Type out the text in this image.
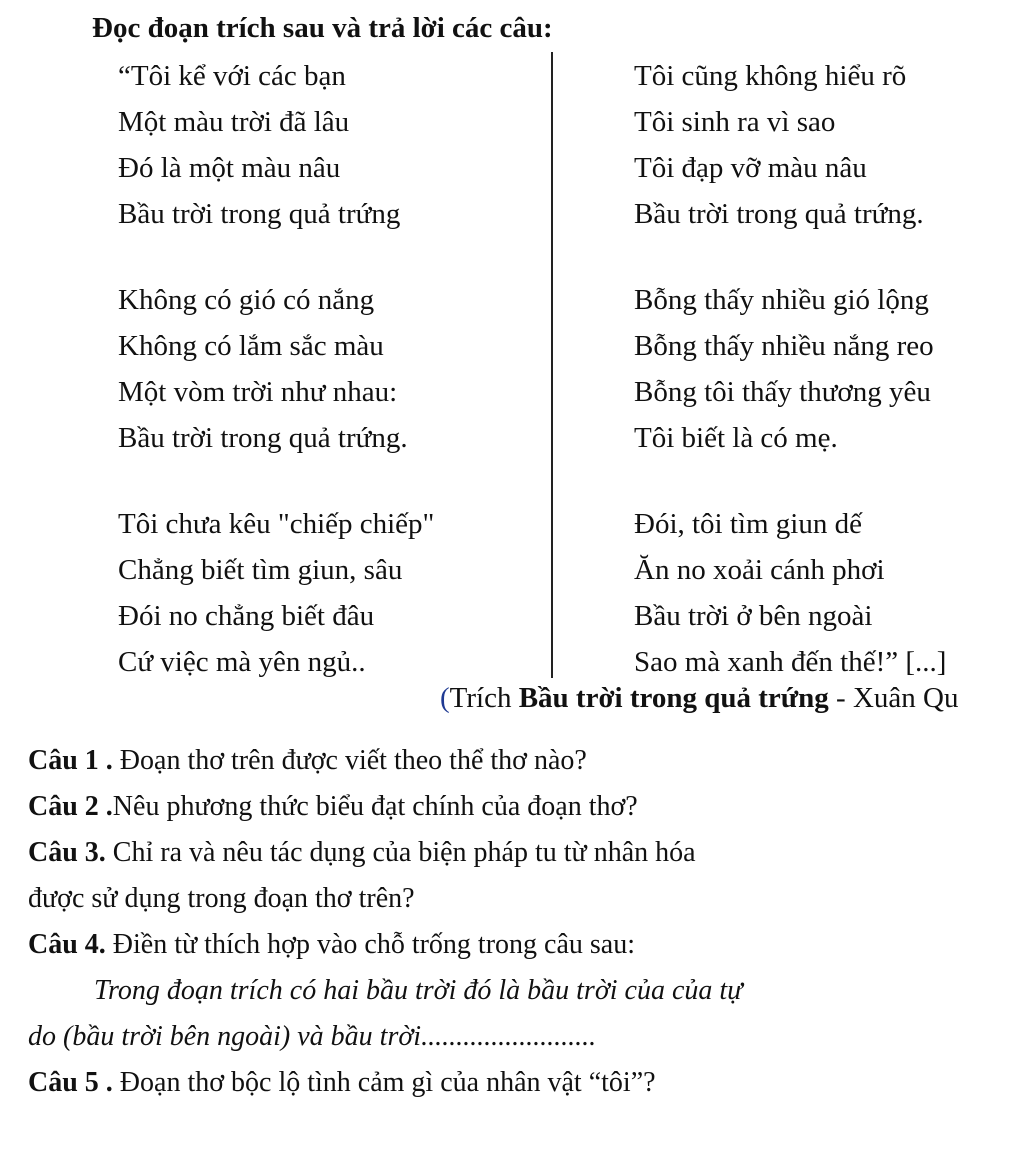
Đọc đoạn trích sau và trả lời các câu:
“Tôi kể với các bạn
Một màu trời đã lâu
Đó là một màu nâu
Bầu trời trong quả trứng
Không có gió có nắng
Không có lắm sắc màu
Một vòm trời như nhau:
Bầu trời trong quả trứng.
Tôi chưa kêu "chiếp chiếp"
Chẳng biết tìm giun, sâu
Đói no chẳng biết đâu
Cứ việc mà yên ngủ..
Tôi cũng không hiểu rõ
Tôi sinh ra vì sao
Tôi đạp vỡ màu nâu
Bầu trời trong quả trứng.
Bỗng thấy nhiều gió lộng
Bỗng thấy nhiều nắng reo
Bỗng tôi thấy thương yêu
Tôi biết là có mẹ.
Đói, tôi tìm giun dế
Ăn no xoải cánh phơi
Bầu trời ở bên ngoài
Sao mà xanh đến thế!” [...]
(Trích Bầu trời trong quả trứng - Xuân Qu
Câu 1 . Đoạn thơ trên được viết theo thể thơ nào?
Câu 2 .Nêu phương thức biểu đạt chính của đoạn thơ?
Câu 3. Chỉ ra và nêu tác dụng của biện pháp tu từ nhân hóa
được sử dụng trong đoạn thơ trên?
Câu 4. Điền từ thích hợp vào chỗ trống trong câu sau:
Trong đoạn trích có hai bầu trời đó là bầu trời của của tự
do (bầu trời bên ngoài) và bầu trời.........................
Câu 5 . Đoạn thơ bộc lộ tình cảm gì của nhân vật “tôi”?
